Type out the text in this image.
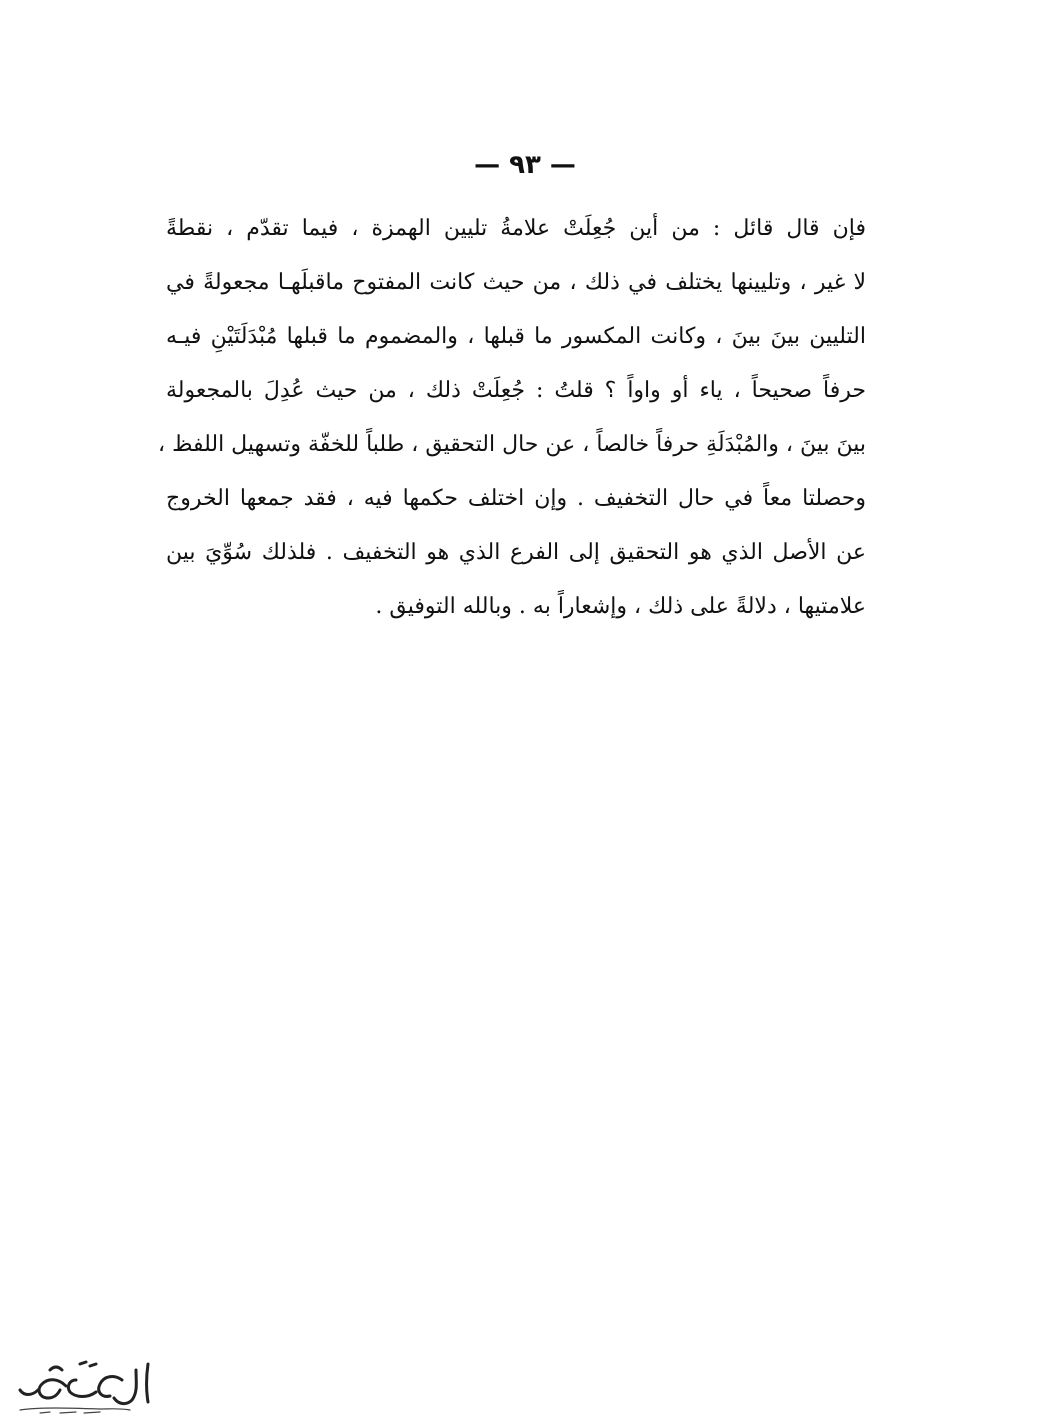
— ٩٣ —
فإن قال قائل : من أين جُعِلَتْ علامةُ تليين الهمزة ، فيما تقدّم ، نقطةً
لا غير ، وتليينها يختلف في ذلك ، من حيث كانت المفتوح ماقبلَهـا مجعولةً في
التليين بينَ بينَ ، وكانت المكسور ما قبلها ، والمضموم ما قبلها مُبْدَلَتَيْنِ فيـه
حرفاً صحيحاً ، ياء أو واواً ؟ قلتُ : جُعِلَتْ ذلك ، من حيث عُدِلَ بالمجعولة
بينَ بينَ ، والمُبْدَلَةِ حرفاً خالصاً ، عن حال التحقيق ، طلباً للخفّة وتسهيل اللفظ ،
وحصلتا معاً في حال التخفيف . وإن اختلف حكمها فيه ، فقد جمعها الخروج
عن الأصل الذي هو التحقيق إلى الفرع الذي هو التخفيف . فلذلك سُوِّيَ بين
علامتيها ، دلالةً على ذلك ، وإشعاراً به . وبالله التوفيق .
